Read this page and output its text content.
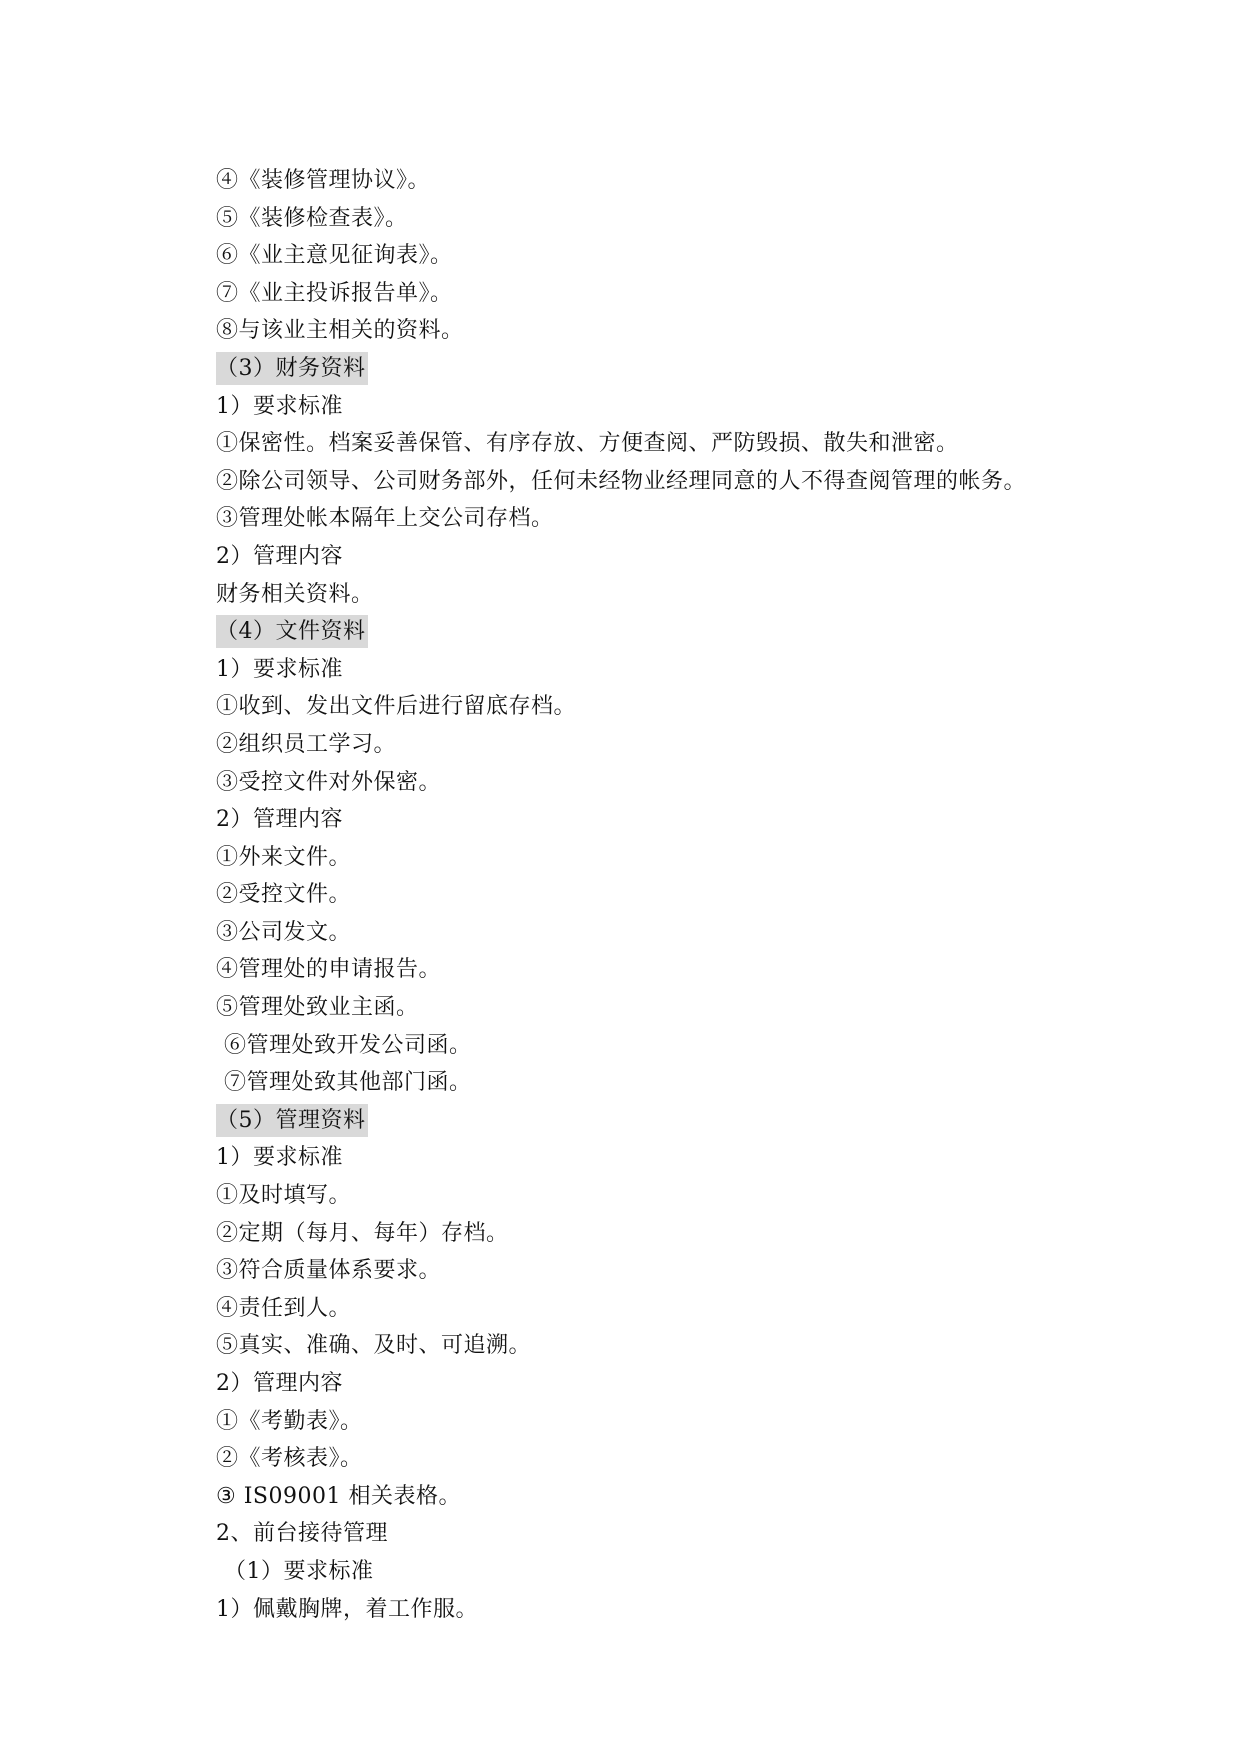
④《装修管理协议》。
⑤《装修检查表》。
⑥《业主意见征询表》。
⑦《业主投诉报告单》。
⑧与该业主相关的资料。
（3）财务资料
1）要求标准
①保密性。档案妥善保管、有序存放、方便查阅、严防毁损、散失和泄密。
②除公司领导、公司财务部外，任何未经物业经理同意的人不得查阅管理的帐务。
③管理处帐本隔年上交公司存档。
2）管理内容
财务相关资料。
（4）文件资料
1）要求标准
①收到、发出文件后进行留底存档。
②组织员工学习。
③受控文件对外保密。
2）管理内容
①外来文件。
②受控文件。
③公司发文。
④管理处的申请报告。
⑤管理处致业主函。
⑥管理处致开发公司函。
⑦管理处致其他部门函。
（5）管理资料
1）要求标准
①及时填写。
②定期（每月、每年）存档。
③符合质量体系要求。
④责任到人。
⑤真实、准确、及时、可追溯。
2）管理内容
①《考勤表》。
②《考核表》。
③ IS09001 相关表格。
2、前台接待管理
（1）要求标准
1）佩戴胸牌，着工作服。
